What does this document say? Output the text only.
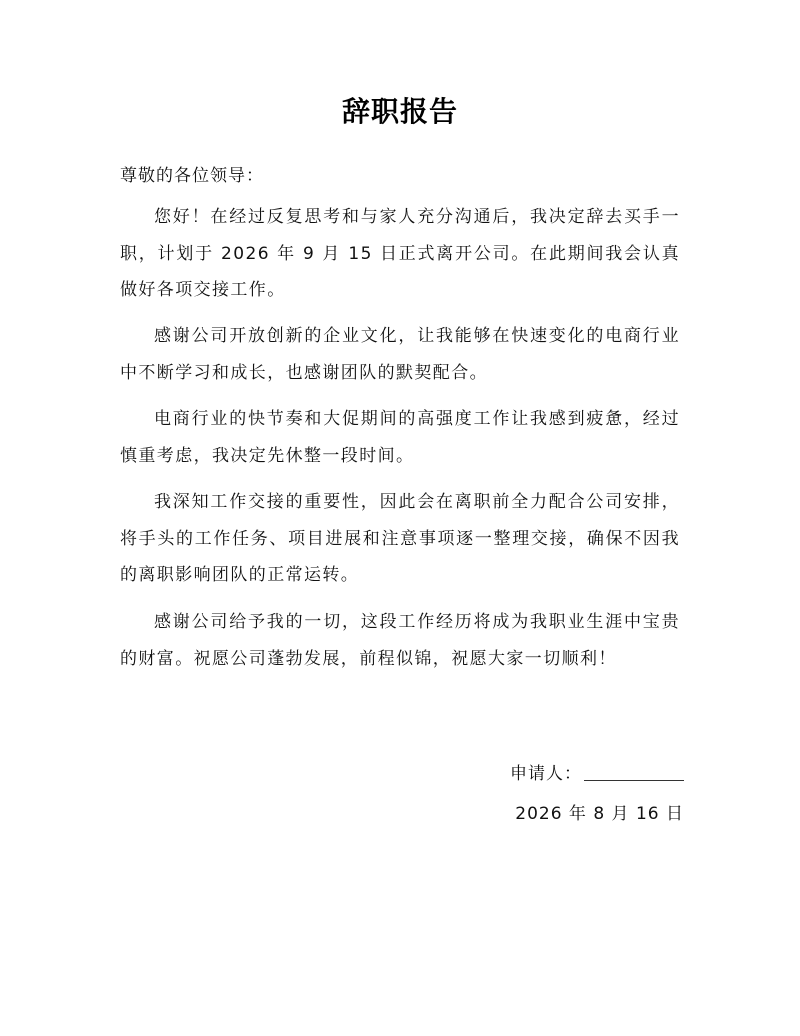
辞职报告
尊敬的各位领导：

您好！在经过反复思考和与家人充分沟通后，我决定辞去买手一职，计划于 2026 年 9 月 15 日正式离开公司。在此期间我会认真做好各项交接工作。

感谢公司开放创新的企业文化，让我能够在快速变化的电商行业中不断学习和成长，也感谢团队的默契配合。

电商行业的快节奏和大促期间的高强度工作让我感到疲惫，经过慎重考虑，我决定先休整一段时间。

我深知工作交接的重要性，因此会在离职前全力配合公司安排，将手头的工作任务、项目进展和注意事项逐一整理交接，确保不因我的离职影响团队的正常运转。

感谢公司给予我的一切，这段工作经历将成为我职业生涯中宝贵的财富。祝愿公司蓬勃发展，前程似锦，祝愿大家一切顺利！

申请人：
2026 年 8 月 16 日
